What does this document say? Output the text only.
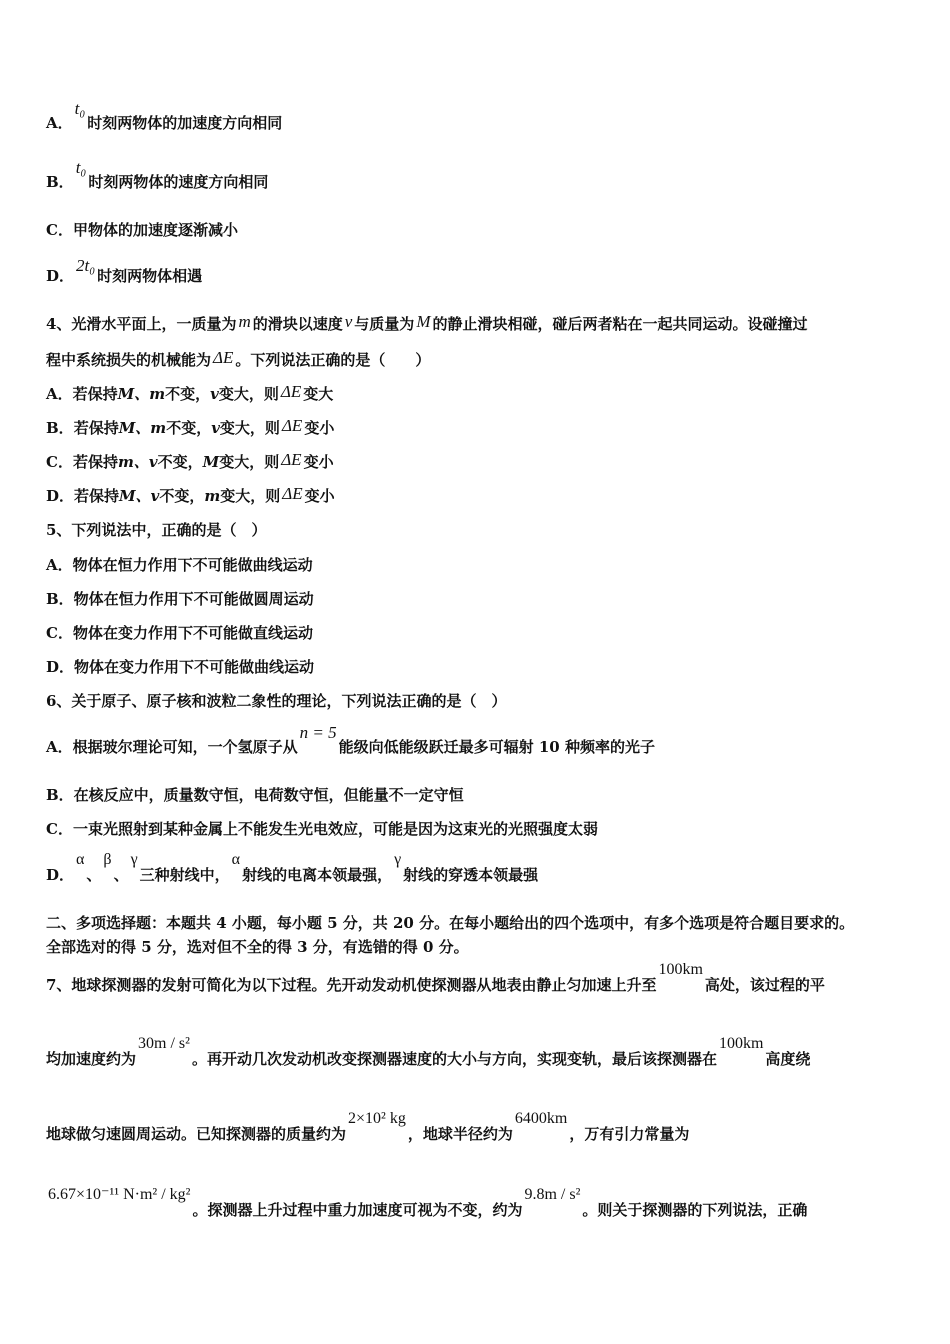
A．t₀时刻两物体的加速度方向相同
B．t₀时刻两物体的速度方向相同
C．甲物体的加速度逐渐减小
D．2t₀时刻两物体相遇
4、光滑水平面上，一质量为 m 的滑块以速度 v 与质量为 M 的静止滑块相碰，碰后两者粘在一起共同运动。设碰撞过
程中系统损失的机械能为 ΔE 。下列说法正确的是（　　）
A．若保持M、m不变，v变大，则 ΔE 变大
B．若保持M、m不变，v变大，则 ΔE 变小
C．若保持m、v不变，M变大，则 ΔE 变小
D．若保持M、v不变，m变大，则 ΔE 变小
5、下列说法中，正确的是（　）
A．物体在恒力作用下不可能做曲线运动
B．物体在恒力作用下不可能做圆周运动
C．物体在变力作用下不可能做直线运动
D．物体在变力作用下不可能做曲线运动
6、关于原子、原子核和波粒二象性的理论，下列说法正确的是（　）
A．根据玻尔理论可知，一个氢原子从n = 5能级向低能级跃迁最多可辐射 10 种频率的光子
B．在核反应中，质量数守恒，电荷数守恒，但能量不一定守恒
C．一束光照射到某种金属上不能发生光电效应，可能是因为这束光的光照强度太弱
D．α、β、γ三种射线中，α射线的电离本领最强，γ射线的穿透本领最强
二、多项选择题：本题共 4 小题，每小题 5 分，共 20 分。在每小题给出的四个选项中，有多个选项是符合题目要求的。
全部选对的得 5 分，选对但不全的得 3 分，有选错的得 0 分。
7、地球探测器的发射可简化为以下过程。先开动发动机使探测器从地表由静止匀加速上升至100km高处，该过程的平
均加速度约为30m / s²。再开动几次发动机改变探测器速度的大小与方向，实现变轨，最后该探测器在100km高度绕
地球做匀速圆周运动。已知探测器的质量约为2×10² kg，地球半径约为6400km，万有引力常量为
6.67×10⁻¹¹ N·m² / kg²。探测器上升过程中重力加速度可视为不变，约为9.8m / s²。则关于探测器的下列说法，正确
